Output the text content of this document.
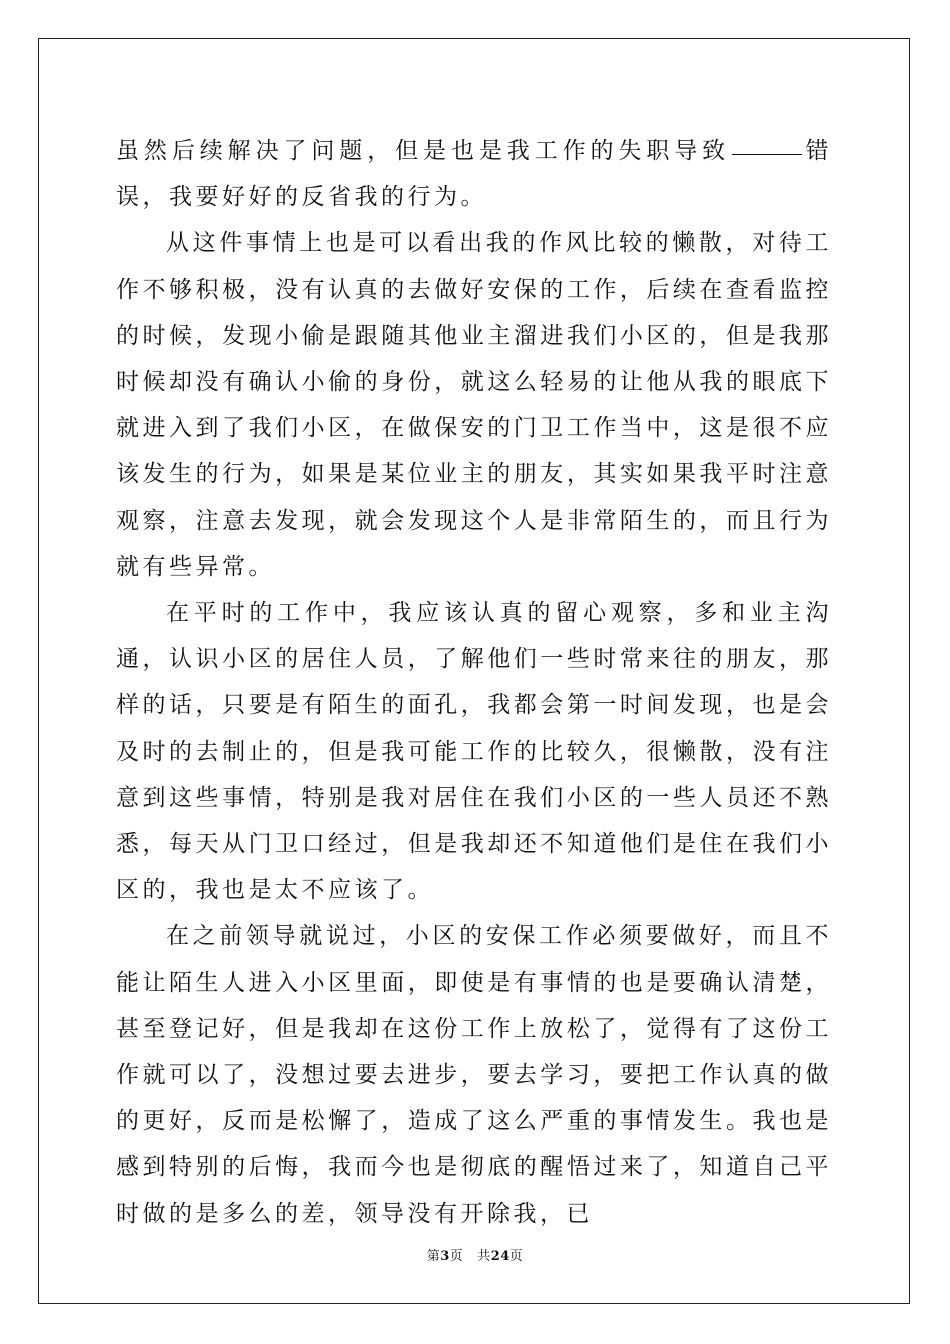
虽然后续解决了问题，但是也是我工作的失职导致	错误，我要好好的反省我的行为。

从这件事情上也是可以看出我的作风比较的懒散，对待工作不够积极，没有认真的去做好安保的工作，后续在查看监控的时候，发现小偷是跟随其他业主溜进我们小区的，但是我那时候却没有确认小偷的身份，就这么轻易的让他从我的眼底下就进入到了我们小区，在做保安的门卫工作当中，这是很不应该发生的行为，如果是某位业主的朋友，其实如果我平时注意观察，注意去发现，就会发现这个人是非常陌生的，而且行为就有些异常。

在平时的工作中，我应该认真的留心观察，多和业主沟通，认识小区的居住人员，了解他们一些时常来往的朋友，那样的话，只要是有陌生的面孔，我都会第一时间发现，也是会及时的去制止的，但是我可能工作的比较久，很懒散，没有注意到这些事情，特别是我对居住在我们小区的一些人员还不熟悉，每天从门卫口经过，但是我却还不知道他们是住在我们小区的，我也是太不应该了。

在之前领导就说过，小区的安保工作必须要做好，而且不能让陌生人进入小区里面，即使是有事情的也是要确认清楚，甚至登记好，但是我却在这份工作上放松了，觉得有了这份工作就可以了，没想过要去进步，要去学习，要把工作认真的做的更好，反而是松懈了，造成了这么严重的事情发生。我也是感到特别的后悔，我而今也是彻底的醒悟过来了，知道自己平时做的是多么的差，领导没有开除我，已

第3页 共24页
